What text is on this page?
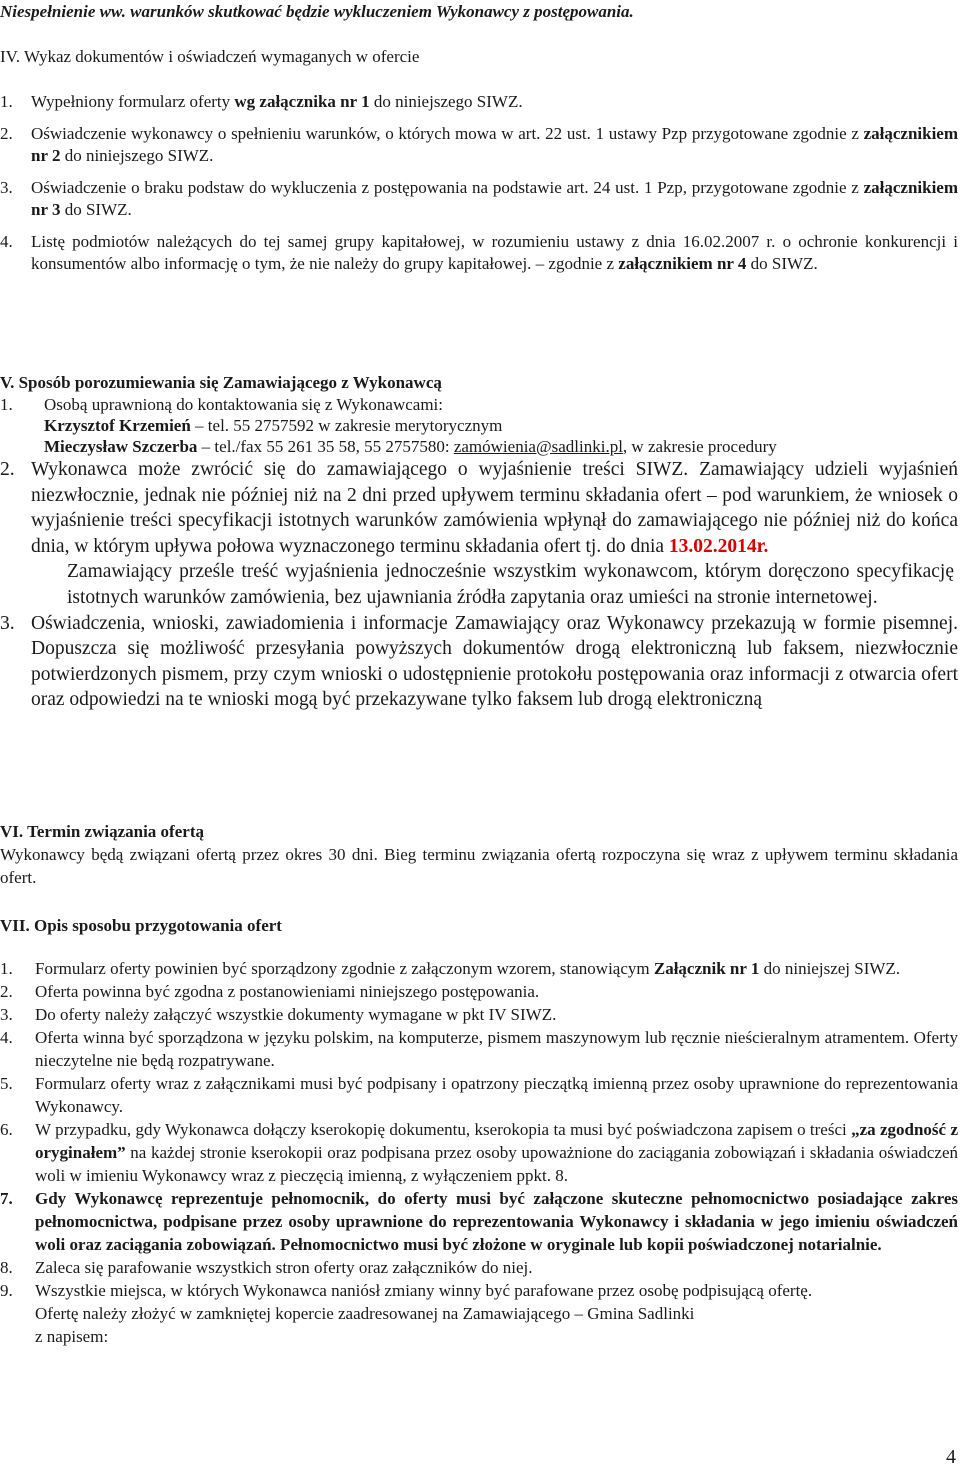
Niespełnienie ww. warunków skutkować będzie wykluczeniem Wykonawcy z postępowania.
IV. Wykaz dokumentów i oświadczeń wymaganych w ofercie
1.	Wypełniony formularz oferty wg załącznika nr 1 do niniejszego SIWZ.
2.	Oświadczenie wykonawcy o spełnieniu warunków, o których mowa w art. 22 ust. 1 ustawy Pzp przygotowane zgodnie z załącznikiem nr 2 do niniejszego SIWZ.
3.	Oświadczenie o braku podstaw do wykluczenia z postępowania na podstawie art. 24 ust. 1 Pzp, przygotowane zgodnie z załącznikiem nr 3 do SIWZ.
4.	Listę podmiotów należących do tej samej grupy kapitałowej, w rozumieniu ustawy z dnia 16.02.2007 r. o ochronie konkurencji i konsumentów albo informację o tym, że nie należy do grupy kapitałowej. – zgodnie z załącznikiem nr 4 do SIWZ.
V. Sposób porozumiewania się Zamawiającego z Wykonawcą
1. Osobą uprawnioną do kontaktowania się z Wykonawcami:
Krzysztof Krzemień – tel. 55 2757592 w zakresie merytorycznym
Mieczysław Szczerba – tel./fax 55 261 35 58, 55 2757580: zamówienia@sadlinki.pl, w zakresie procedury
2. Wykonawca może zwrócić się do zamawiającego o wyjaśnienie treści SIWZ. Zamawiający udzieli wyjaśnień niezwłocznie, jednak nie później niż na 2 dni przed upływem terminu składania ofert – pod warunkiem, że wniosek o wyjaśnienie treści specyfikacji istotnych warunków zamówienia wpłynął do zamawiającego nie później niż do końca dnia, w którym upływa połowa wyznaczonego terminu składania ofert tj. do dnia 13.02.2014r.
Zamawiający prześle treść wyjaśnienia jednocześnie wszystkim wykonawcom, którym doręczono specyfikację istotnych warunków zamówienia, bez ujawniania źródła zapytania oraz umieści na stronie internetowej.
3. Oświadczenia, wnioski, zawiadomienia i informacje Zamawiający oraz Wykonawcy przekazują w formie pisemnej. Dopuszcza się możliwość przesyłania powyższych dokumentów drogą elektroniczną lub faksem, niezwłocznie potwierdzonych pismem, przy czym wnioski o udostępnienie protokołu postępowania oraz informacji z otwarcia ofert oraz odpowiedzi na te wnioski mogą być przekazywane tylko faksem lub drogą elektroniczną
VI. Termin związania ofertą
Wykonawcy będą związani ofertą przez okres 30 dni. Bieg terminu związania ofertą rozpoczyna się wraz z upływem terminu składania ofert.
VII. Opis sposobu przygotowania ofert
1.	Formularz oferty powinien być sporządzony zgodnie z załączonym wzorem, stanowiącym Załącznik nr 1 do niniejszej SIWZ.
2.	Oferta powinna być zgodna z postanowieniami niniejszego postępowania.
3.	Do oferty należy załączyć wszystkie dokumenty wymagane w pkt IV SIWZ.
4.	Oferta winna być sporządzona w języku polskim, na komputerze, pismem maszynowym lub ręcznie nieścieralnym atramentem. Oferty nieczytelne nie będą rozpatrywane.
5.	Formularz oferty wraz z załącznikami musi być podpisany i opatrzony pieczątką imienną przez osoby uprawnione do reprezentowania Wykonawcy.
6.	W przypadku, gdy Wykonawca dołączy kserokopię dokumentu, kserokopia ta musi być poświadczona zapisem o treści „za zgodność z oryginałem” na każdej stronie kserokopii oraz podpisana przez osoby upoważnione do zaciągania zobowiązań i składania oświadczeń woli w imieniu Wykonawcy wraz z pieczęcią imienną, z wyłączeniem ppkt. 8.
7.	Gdy Wykonawcę reprezentuje pełnomocnik, do oferty musi być załączone skuteczne pełnomocnictwo posiadające zakres pełnomocnictwa, podpisane przez osoby uprawnione do reprezentowania Wykonawcy i składania w jego imieniu oświadczeń woli oraz zaciągania zobowiązań. Pełnomocnictwo musi być złożone w oryginale lub kopii poświadczonej notarialnie.
8.	Zaleca się parafowanie wszystkich stron oferty oraz załączników do niej.
9.	Wszystkie miejsca, w których Wykonawca naniósł zmiany winny być parafowane przez osobę podpisującą ofertę.
Ofertę należy złożyć w zamkniętej kopercie zaadresowanej na Zamawiającego – Gmina Sadlinki
z napisem:
4
